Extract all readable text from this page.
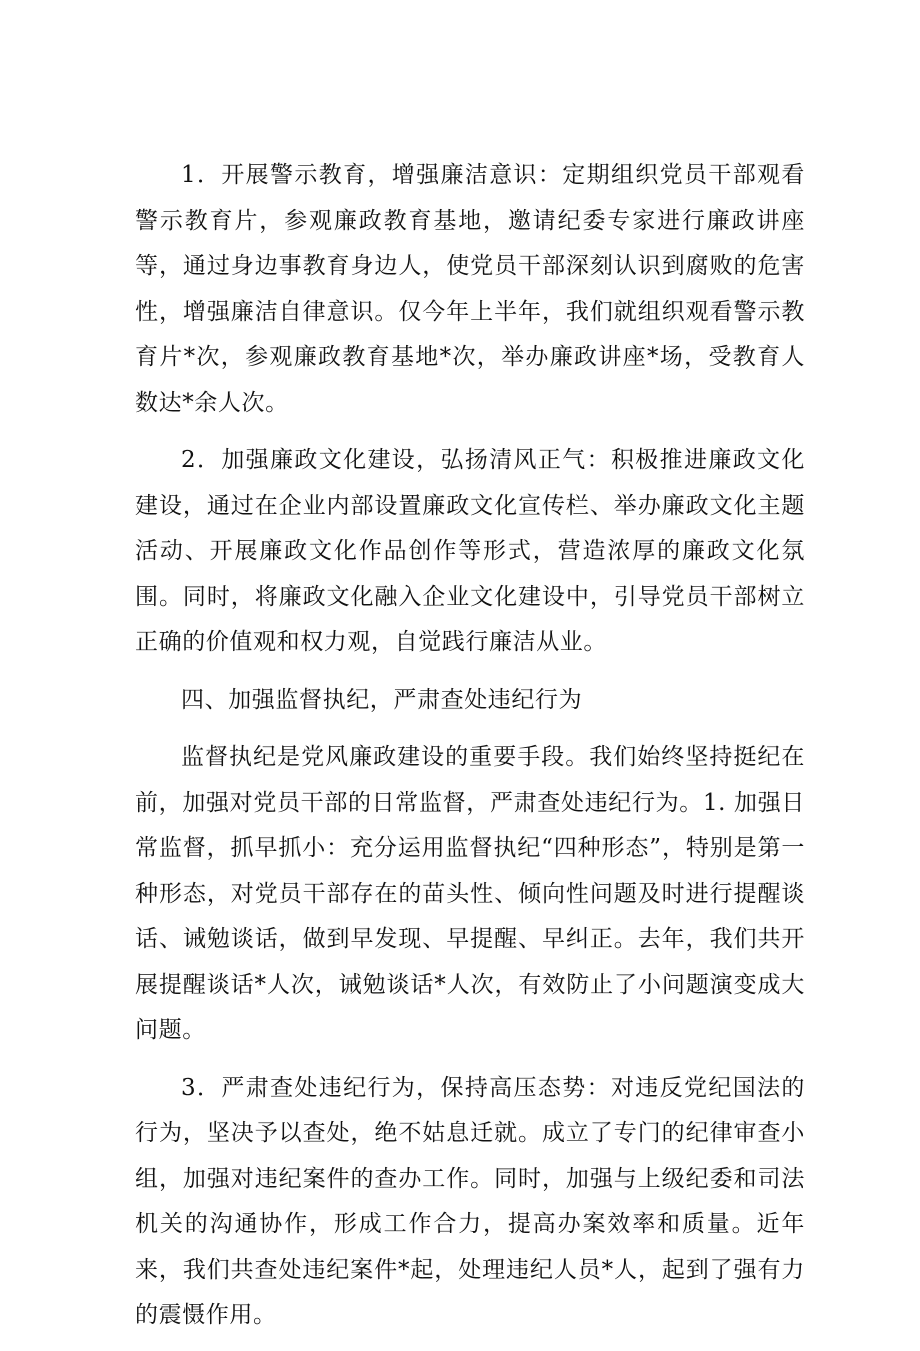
1．开展警示教育，增强廉洁意识：定期组织党员干部观看警示教育片，参观廉政教育基地，邀请纪委专家进行廉政讲座等，通过身边事教育身边人，使党员干部深刻认识到腐败的危害性，增强廉洁自律意识。仅今年上半年，我们就组织观看警示教育片*次，参观廉政教育基地*次，举办廉政讲座*场，受教育人数达*余人次。

2．加强廉政文化建设，弘扬清风正气：积极推进廉政文化建设，通过在企业内部设置廉政文化宣传栏、举办廉政文化主题活动、开展廉政文化作品创作等形式，营造浓厚的廉政文化氛围。同时，将廉政文化融入企业文化建设中，引导党员干部树立正确的价值观和权力观，自觉践行廉洁从业。

四、加强监督执纪，严肃查处违纪行为

监督执纪是党风廉政建设的重要手段。我们始终坚持挺纪在前，加强对党员干部的日常监督，严肃查处违纪行为。1. 加强日常监督，抓早抓小：充分运用监督执纪“四种形态”，特别是第一种形态，对党员干部存在的苗头性、倾向性问题及时进行提醒谈话、诫勉谈话，做到早发现、早提醒、早纠正。去年，我们共开展提醒谈话*人次，诫勉谈话*人次，有效防止了小问题演变成大问题。

3．严肃查处违纪行为，保持高压态势：对违反党纪国法的行为，坚决予以查处，绝不姑息迁就。成立了专门的纪律审查小组，加强对违纪案件的查办工作。同时，加强与上级纪委和司法机关的沟通协作，形成工作合力，提高办案效率和质量。近年来，我们共查处违纪案件*起，处理违纪人员*人，起到了强有力的震慑作用。
